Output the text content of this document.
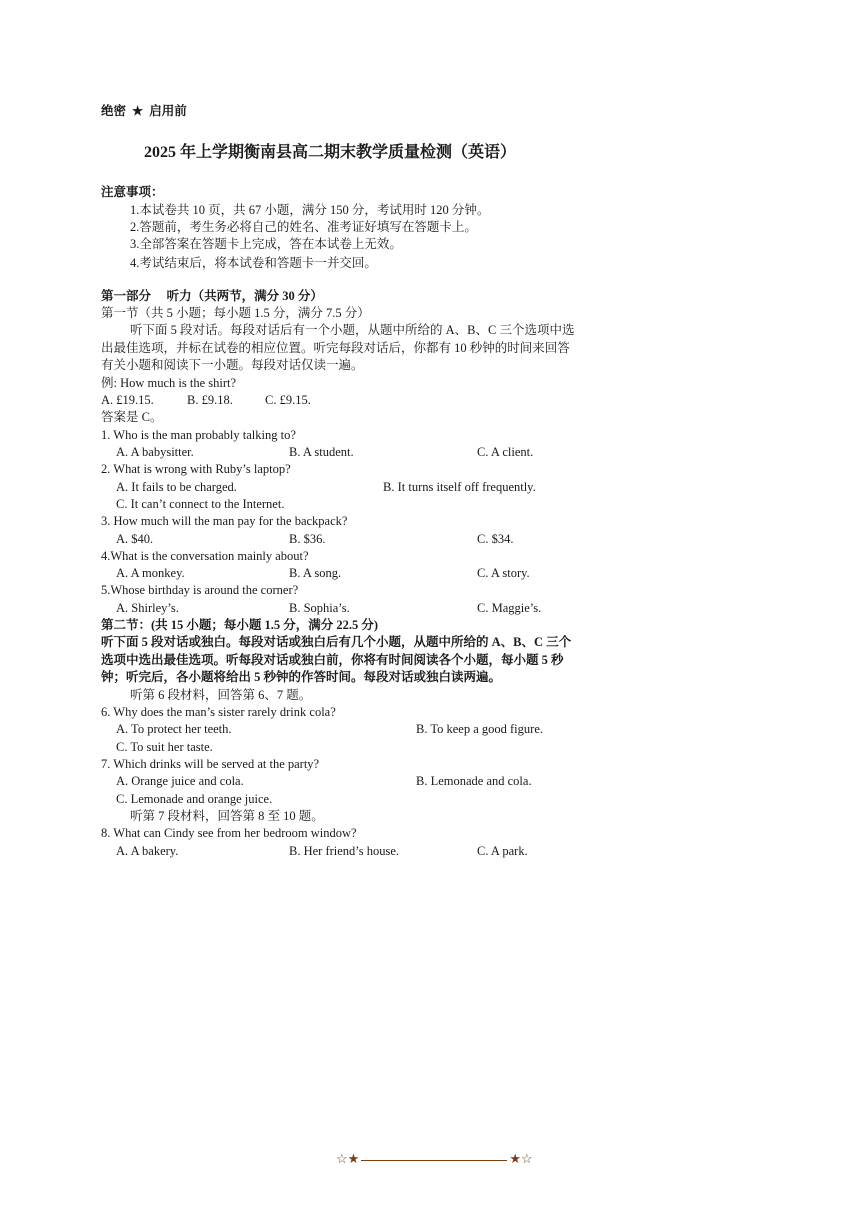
绝密 ★ 启用前
2025 年上学期衡南县高二期末教学质量检测（英语）
注意事项：
1.本试卷共 10 页，共 67 小题，满分 150 分，考试用时 120 分钟。
2.答题前，考生务必将自己的姓名、准考证好填写在答题卡上。
3.全部答案在答题卡上完成，答在本试卷上无效。
4.考试结束后，将本试卷和答题卡一并交回。
第一部分　 听力（共两节，满分 30 分）
第一节（共 5 小题；每小题 1.5 分，满分 7.5 分）
听下面 5 段对话。每段对话后有一个小题，从题中所给的 A、B、C 三个选项中选
出最佳选项，并标在试卷的相应位置。听完每段对话后，你都有 10 秒钟的时间来回答
有关小题和阅读下一小题。每段对话仅读一遍。
例: How much is the shirt?
A. £19.15.	B. £9.18.	C. £9.15.
答案是 C。
1. Who is the man probably talking to?
A. A babysitter.	B. A student.	C. A client.
2. What is wrong with Ruby’s laptop?
A. It fails to be charged.	B. It turns itself off frequently.
C. It can’t connect to the Internet.
3. How much will the man pay for the backpack?
A. $40.	B. $36.	C. $34.
4.What is the conversation mainly about?
A. A monkey.	B. A song.	C. A story.
5.Whose birthday is around the corner?
A. Shirley’s.	B. Sophia’s.	C. Maggie’s.
第二节：(共 15 小题；每小题 1.5 分，满分 22.5 分)
听下面 5 段对话或独白。每段对话或独白后有几个小题，从题中所给的 A、B、C 三个
选项中选出最佳选项。听每段对话或独白前，你将有时间阅读各个小题，每小题 5 秒
钟；听完后，各小题将给出 5 秒钟的作答时间。每段对话或独白读两遍。
听第 6 段材料，回答第 6、7 题。
6. Why does the man’s sister rarely drink cola?
A. To protect her teeth.	B. To keep a good figure.
C. To suit her taste.
7. Which drinks will be served at the party?
A. Orange juice and cola.	B. Lemonade and cola.
C. Lemonade and orange juice.
听第 7 段材料，回答第 8 至 10 题。
8. What can Cindy see from her bedroom window?
A. A bakery.	B. Her friend’s house.	C. A park.
☆★	★☆
